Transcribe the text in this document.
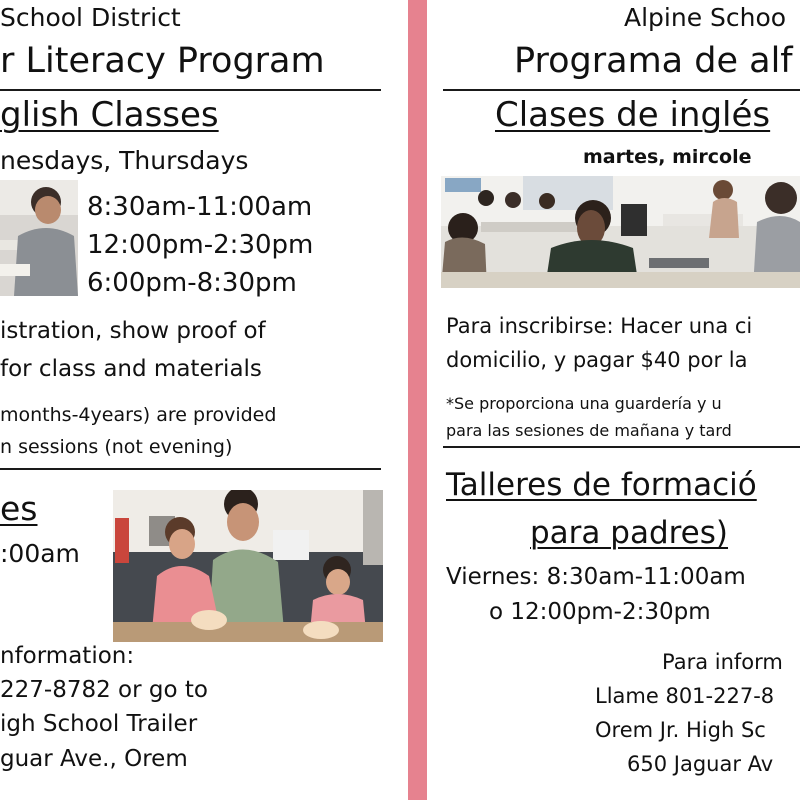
School District
r Literacy Program
glish Classes
nesdays, Thursdays
8:30am-11:00am
12:00pm-2:30pm
6:00pm-8:30pm
istration, show proof of
for class and materials
months-4years) are provided
n sessions (not evening)
es
:00am
nformation:
227-8782 or go to
igh School Trailer
guar Ave., Orem
Alpine Schoo
Programa de alf
Clases de inglés
martes, mircole
Para inscribirse: Hacer una ci
domicilio, y pagar $40 por la
*Se proporciona una guardería y u
para las sesiones de mañana y tard
Talleres de formació
para padres)
Viernes: 8:30am-11:00am
o 12:00pm-2:30pm
Para inform
Llame 801-227-8
Orem Jr. High Sc
650 Jaguar Av
